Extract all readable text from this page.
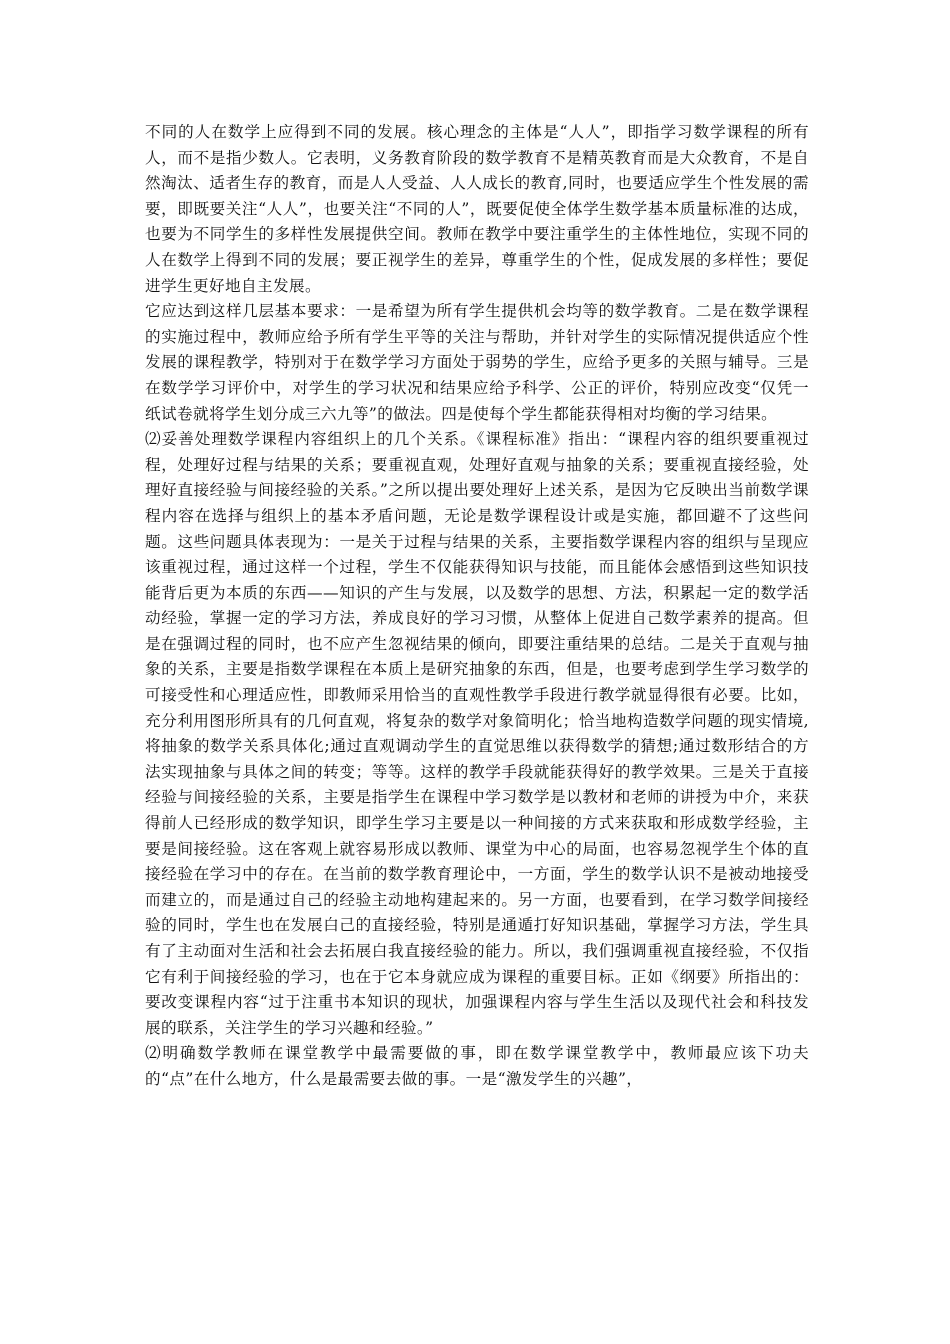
不同的人在数学上应得到不同的发展。核心理念的主体是“人人”，即指学习数学课程的所有人，而不是指少数人。它表明，义务教育阶段的数学教育不是精英教育而是大众教育，不是自然淘汰、适者生存的教育，而是人人受益、人人成长的教育,同时，也要适应学生个性发展的需要，即既要关注“人人”，也要关注“不同的人”，既要促使全体学生数学基本质量标准的达成，也要为不同学生的多样性发展提供空间。教师在教学中要注重学生的主体性地位，实现不同的人在数学上得到不同的发展；要正视学生的差异，尊重学生的个性，促成发展的多样性；要促进学生更好地自主发展。

它应达到这样几层基本要求：一是希望为所有学生提供机会均等的数学教育。二是在数学课程的实施过程中，教师应给予所有学生平等的关注与帮助，并针对学生的实际情况提供适应个性发展的课程教学，特别对于在数学学习方面处于弱势的学生，应给予更多的关照与辅导。三是在数学学习评价中，对学生的学习状况和结果应给予科学、公正的评价，特别应改变“仅凭一纸试卷就将学生划分成三六九等”的做法。四是使每个学生都能获得相对均衡的学习结果。

⑵妥善处理数学课程内容组织上的几个关系。《课程标准》指出：“课程内容的组织要重视过程，处理好过程与结果的关系；要重视直观，处理好直观与抽象的关系；要重视直接经验，处理好直接经验与间接经验的关系。”之所以提出要处理好上述关系，是因为它反映出当前数学课程内容在选择与组织上的基本矛盾问题，无论是数学课程设计或是实施，都回避不了这些问题。这些问题具体表现为：一是关于过程与结果的关系，主要指数学课程内容的组织与呈现应该重视过程，通过这样一个过程，学生不仅能获得知识与技能，而且能体会感悟到这些知识技能背后更为本质的东西——知识的产生与发展，以及数学的思想、方法，积累起一定的数学活动经验，掌握一定的学习方法，养成良好的学习习惯，从整体上促进自己数学素养的提高。但是在强调过程的同时，也不应产生忽视结果的倾向，即要注重结果的总结。二是关于直观与抽象的关系，主要是指数学课程在本质上是研究抽象的东西，但是，也要考虑到学生学习数学的可接受性和心理适应性，即教师采用恰当的直观性教学手段进行教学就显得很有必要。比如，充分利用图形所具有的几何直观，将复杂的数学对象简明化；恰当地构造数学问题的现实情境,将抽象的数学关系具体化;通过直观调动学生的直觉思维以获得数学的猜想;通过数形结合的方法实现抽象与具体之间的转变；等等。这样的教学手段就能获得好的教学效果。三是关于直接经验与间接经验的关系，主要是指学生在课程中学习数学是以教材和老师的讲授为中介，来获得前人已经形成的数学知识，即学生学习主要是以一种间接的方式来获取和形成数学经验，主要是间接经验。这在客观上就容易形成以教师、课堂为中心的局面，也容易忽视学生个体的直接经验在学习中的存在。在当前的数学教育理论中，一方面，学生的数学认识不是被动地接受而建立的，而是通过自己的经验主动地构建起来的。另一方面，也要看到，在学习数学间接经验的同时，学生也在发展白己的直接经验，特别是通遁打好知识基础，掌握学习方法，学生具有了主动面对生活和社会去拓展白我直接经验的能力。所以，我们强调重视直接经验，不仅指它有利于间接经验的学习，也在于它本身就应成为课程的重要目标。正如《纲要》所指出的：要改变课程内容“过于注重书本知识的现状，加强课程内容与学生生活以及现代社会和科技发展的联系，关注学生的学习兴趣和经验。”

⑵明确数学教师在课堂教学中最需要做的事，即在数学课堂教学中，教师最应该下功夫的“点”在什么地方，什么是最需要去做的事。一是“激发学生的兴趣”，
